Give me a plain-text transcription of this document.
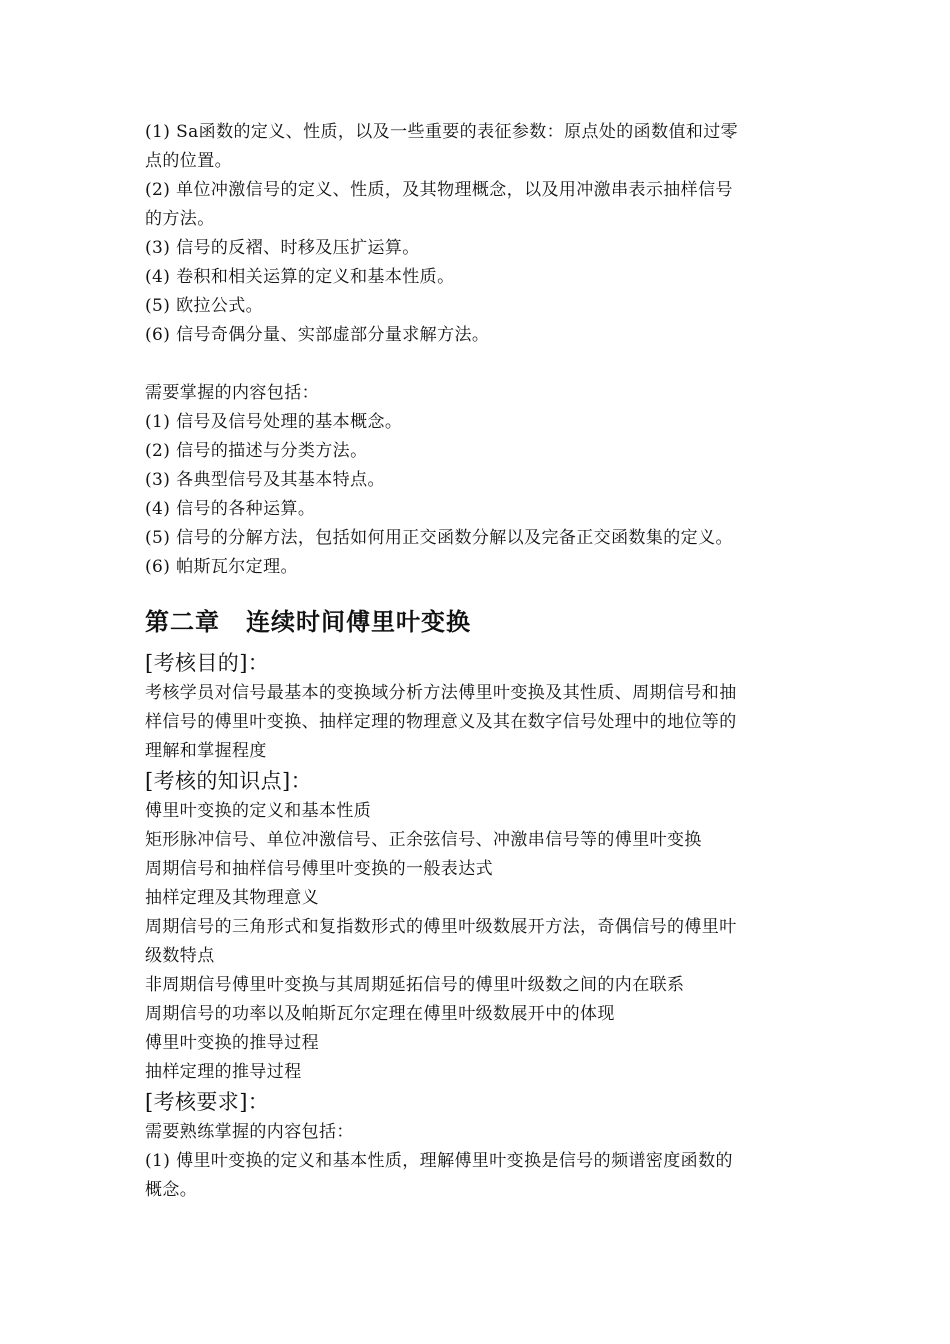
(1) Sa函数的定义、性质，以及一些重要的表征参数：原点处的函数值和过零
点的位置。
(2) 单位冲激信号的定义、性质，及其物理概念，以及用冲激串表示抽样信号
的方法。
(3) 信号的反褶、时移及压扩运算。
(4) 卷积和相关运算的定义和基本性质。
(5) 欧拉公式。
(6) 信号奇偶分量、实部虚部分量求解方法。
需要掌握的内容包括：
(1) 信号及信号处理的基本概念。
(2) 信号的描述与分类方法。
(3) 各典型信号及其基本特点。
(4) 信号的各种运算。
(5) 信号的分解方法，包括如何用正交函数分解以及完备正交函数集的定义。
(6) 帕斯瓦尔定理。
第二章 连续时间傅里叶变换
[考核目的]：
考核学员对信号最基本的变换域分析方法傅里叶变换及其性质、周期信号和抽
样信号的傅里叶变换、抽样定理的物理意义及其在数字信号处理中的地位等的
理解和掌握程度
[考核的知识点]：
傅里叶变换的定义和基本性质
矩形脉冲信号、单位冲激信号、正余弦信号、冲激串信号等的傅里叶变换
周期信号和抽样信号傅里叶变换的一般表达式
抽样定理及其物理意义
周期信号的三角形式和复指数形式的傅里叶级数展开方法，奇偶信号的傅里叶
级数特点
非周期信号傅里叶变换与其周期延拓信号的傅里叶级数之间的内在联系
周期信号的功率以及帕斯瓦尔定理在傅里叶级数展开中的体现
傅里叶变换的推导过程
抽样定理的推导过程
[考核要求]：
需要熟练掌握的内容包括：
(1) 傅里叶变换的定义和基本性质，理解傅里叶变换是信号的频谱密度函数的
概念。
